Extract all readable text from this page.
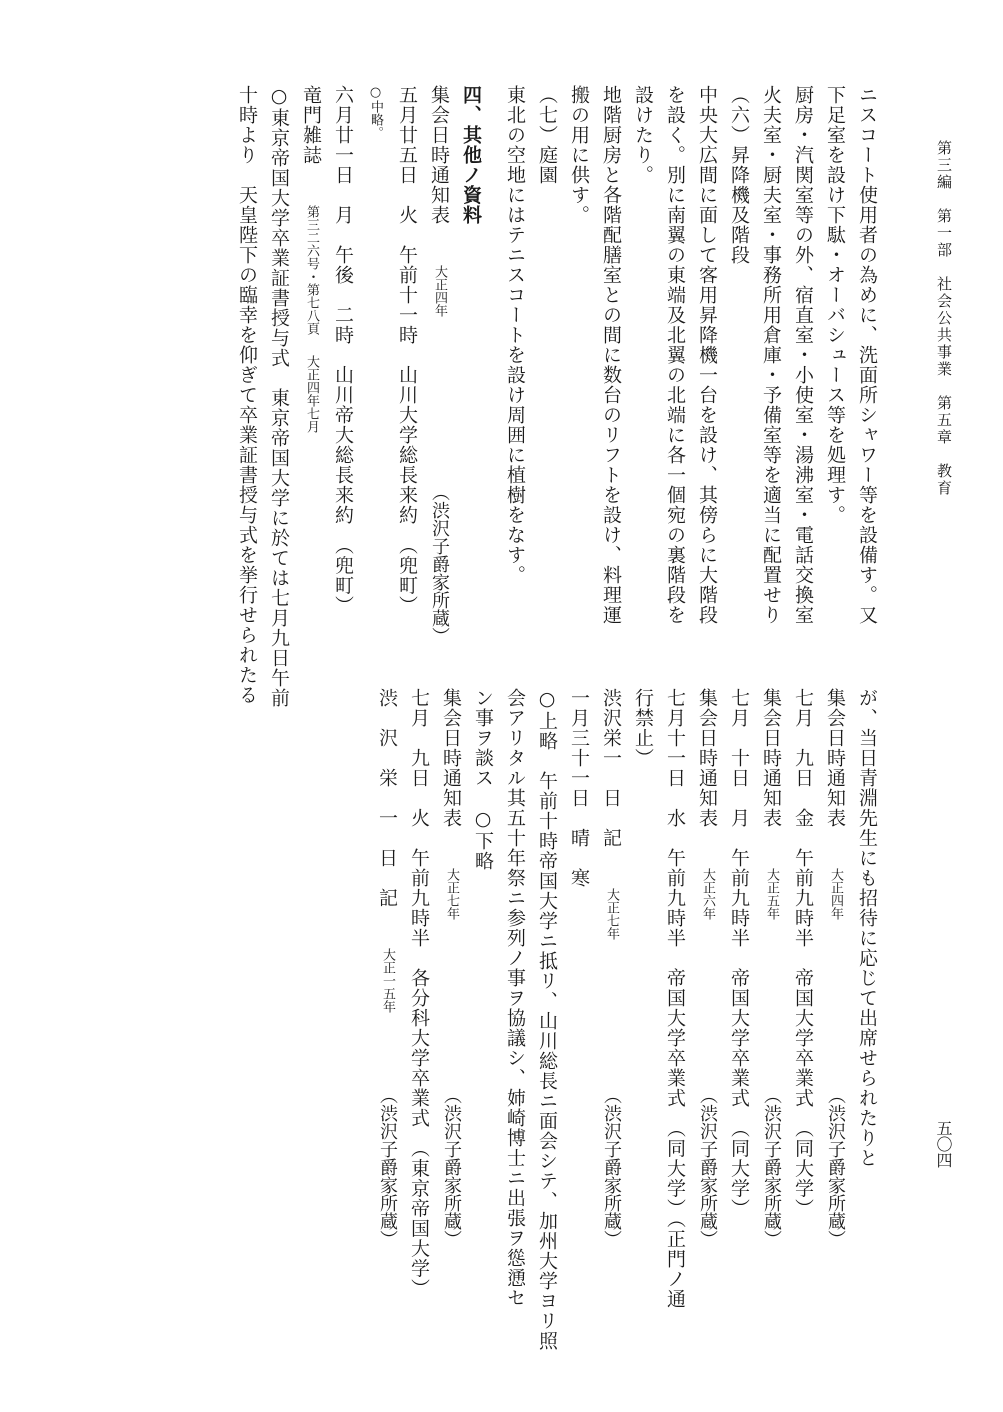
第三編　第一部　社会公共事業　第五章　教育
五〇四
ニスコート使用者の為めに、洗面所シャワー等を設備す。又
下足室を設け下駄・オーバシュース等を処理す。
厨房・汽関室等の外、宿直室・小使室・湯沸室・電話交換室
火夫室・厨夫室・事務所用倉庫・予備室等を適当に配置せり
（六）昇降機及階段
中央大広間に面して客用昇降機一台を設け、其傍らに大階段
を設く。別に南翼の東端及北翼の北端に各一個宛の裏階段を
設けたり。
地階厨房と各階配膳室との間に数台のリフトを設け、料理運
搬の用に供す。
（七）庭園
東北の空地にはテニスコートを設け周囲に植樹をなす。
四、其他ノ資料
集会日時通知表　　大正四年
（渋沢子爵家所蔵）
五月廿五日　火　午前十一時　山川大学総長来約　（兜町）
○中略。
六月廿一日　月　午後　二時　山川帝大総長来約　（兜町）
竜門雑誌　　第三二六号・第七八頁　大正四年七月
○東京帝国大学卒業証書授与式　東京帝国大学に於ては七月九日午前
十時より　天皇陛下の臨幸を仰ぎて卒業証書授与式を挙行せられたる
が、当日青淵先生にも招待に応じて出席せられたりと
集会日時通知表　　大正四年
（渋沢子爵家所蔵）
七月　九日　金　午前九時半　帝国大学卒業式　（同大学）
集会日時通知表　　大正五年
（渋沢子爵家所蔵）
七月　十日　月　午前九時半　帝国大学卒業式　（同大学）
集会日時通知表　　大正六年
（渋沢子爵家所蔵）
七月十一日　水　午前九時半　帝国大学卒業式　（同大学）（正門ノ通
行禁止）
渋沢栄一　日　記　　大正七年
（渋沢子爵家所蔵）
一月三十一日　晴　寒
○上略　午前十時帝国大学ニ抵リ、山川総長ニ面会シテ、加州大学ヨリ照
会アリタル其五十年祭ニ参列ノ事ヲ協議シ、姉崎博士ニ出張ヲ慫慂セ
ン事ヲ談ス　○下略
集会日時通知表　　大正七年
（渋沢子爵家所蔵）
七月　九日　火　午前九時半　各分科大学卒業式　（東京帝国大学）
渋　沢　栄　一　日　記　　大正一五年
（渋沢子爵家所蔵）
